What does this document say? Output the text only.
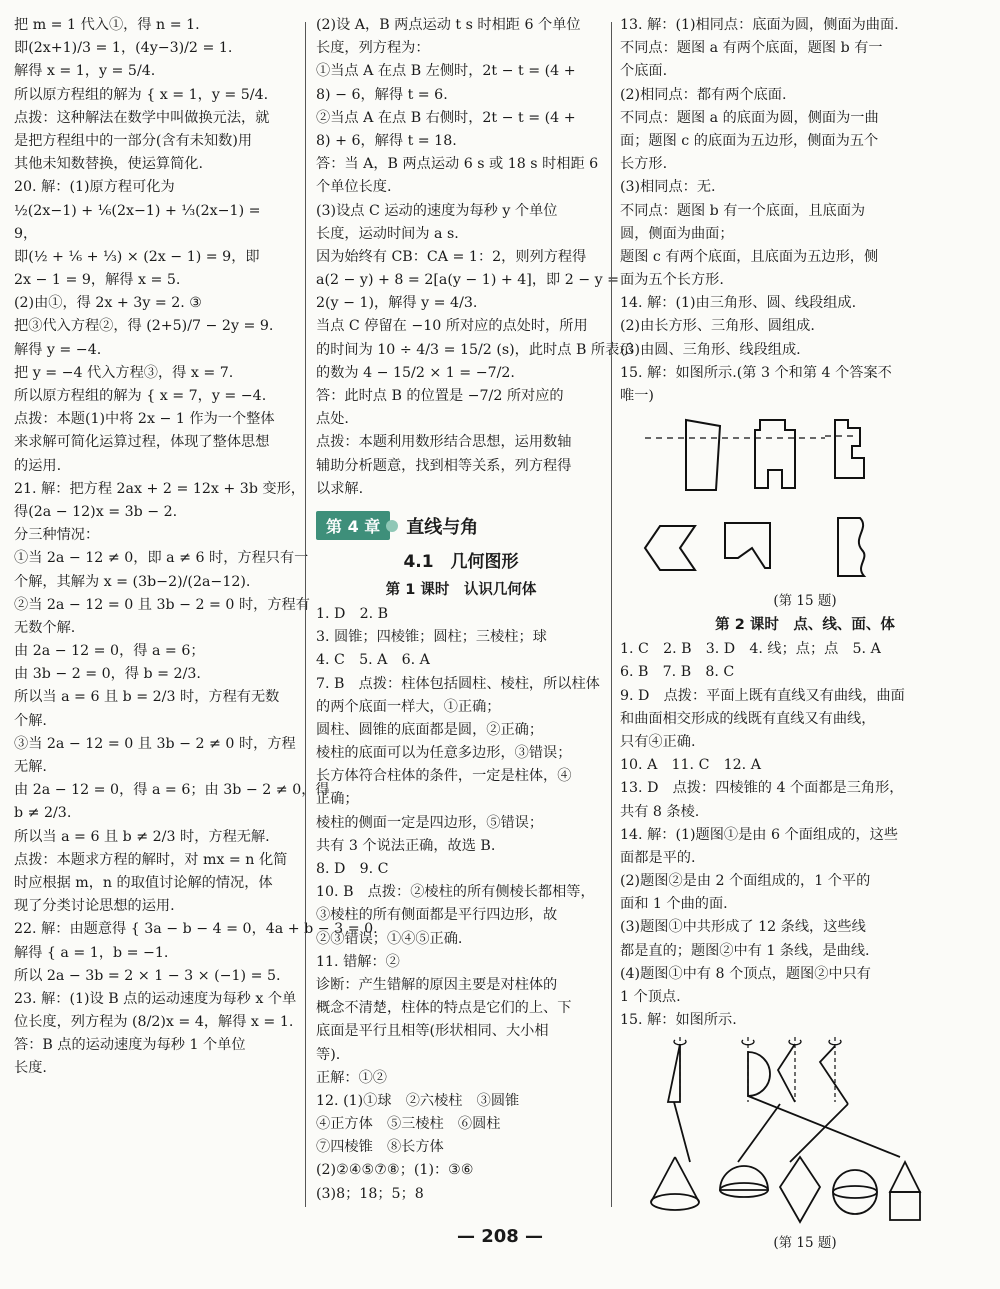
把 m = 1 代入①，得 n = 1.
即(2x+1)/3 = 1，(4y−3)/2 = 1.
解得 x = 1，y = 5/4.
所以原方程组的解为 { x = 1，y = 5/4.
点拨：这种解法在数学中叫做换元法，就
是把方程组中的一部分(含有未知数)用
其他未知数替换，使运算简化.
20. 解：(1)原方程可化为
½(2x−1) + ⅙(2x−1) + ⅓(2x−1) =
9，
即(½ + ⅙ + ⅓) × (2x − 1) = 9，即
2x − 1 = 9，解得 x = 5.
(2)由①，得 2x + 3y = 2. ③
把③代入方程②，得 (2+5)/7 − 2y = 9.
解得 y = −4.
把 y = −4 代入方程③，得 x = 7.
所以原方程组的解为 { x = 7，y = −4.
点拨：本题(1)中将 2x − 1 作为一个整体
来求解可简化运算过程，体现了整体思想
的运用.
21. 解：把方程 2ax + 2 = 12x + 3b 变形，
得(2a − 12)x = 3b − 2.
分三种情况：
①当 2a − 12 ≠ 0，即 a ≠ 6 时，方程只有一
个解，其解为 x = (3b−2)/(2a−12).
②当 2a − 12 = 0 且 3b − 2 = 0 时，方程有
无数个解.
由 2a − 12 = 0，得 a = 6；
由 3b − 2 = 0，得 b = 2/3.
所以当 a = 6 且 b = 2/3 时，方程有无数
个解.
③当 2a − 12 = 0 且 3b − 2 ≠ 0 时，方程
无解.
由 2a − 12 = 0，得 a = 6；由 3b − 2 ≠ 0，得
b ≠ 2/3.
所以当 a = 6 且 b ≠ 2/3 时，方程无解.
点拨：本题求方程的解时，对 mx = n 化简
时应根据 m，n 的取值讨论解的情况，体
现了分类讨论思想的运用.
22. 解：由题意得 { 3a − b − 4 = 0，4a + b − 3 = 0.
解得 { a = 1，b = −1.
所以 2a − 3b = 2 × 1 − 3 × (−1) = 5.
23. 解：(1)设 B 点的运动速度为每秒 x 个单
位长度，列方程为 (8/2)x = 4，解得 x = 1.
答：B 点的运动速度为每秒 1 个单位
长度.
(2)设 A，B 两点运动 t s 时相距 6 个单位
长度，列方程为：
①当点 A 在点 B 左侧时，2t − t = (4 +
8) − 6，解得 t = 6.
②当点 A 在点 B 右侧时，2t − t = (4 +
8) + 6，解得 t = 18.
答：当 A，B 两点运动 6 s 或 18 s 时相距 6
个单位长度.
(3)设点 C 运动的速度为每秒 y 个单位
长度，运动时间为 a s.
因为始终有 CB：CA = 1：2，则列方程得
a(2 − y) + 8 = 2[a(y − 1) + 4]，即 2 − y =
2(y − 1)，解得 y = 4/3.
当点 C 停留在 −10 所对应的点处时，所用
的时间为 10 ÷ 4/3 = 15/2 (s)，此时点 B 所表示
的数为 4 − 15/2 × 1 = −7/2.
答：此时点 B 的位置是 −7/2 所对应的
点处.
点拨：本题利用数形结合思想，运用数轴
辅助分析题意，找到相等关系，列方程得
以求解.
第 4 章	直线与角
4.1　几何图形
第 1 课时　认识几何体
1. D　2. B
3. 圆锥；四棱锥；圆柱；三棱柱；球
4. C　5. A　6. A
7. B　点拨：柱体包括圆柱、棱柱，所以柱体
的两个底面一样大，①正确；
圆柱、圆锥的底面都是圆，②正确；
棱柱的底面可以为任意多边形，③错误；
长方体符合柱体的条件，一定是柱体，④
正确；
棱柱的侧面一定是四边形，⑤错误；
共有 3 个说法正确，故选 B.
8. D　9. C
10. B　点拨：②棱柱的所有侧棱长都相等，
③棱柱的所有侧面都是平行四边形，故
②③错误；①④⑤正确.
11. 错解：②
诊断：产生错解的原因主要是对柱体的
概念不清楚，柱体的特点是它们的上、下
底面是平行且相等(形状相同、大小相
等).
正解：①②
12. (1)①球　②六棱柱　③圆锥
④正方体　⑤三棱柱　⑥圆柱
⑦四棱锥　⑧长方体
(2)②④⑤⑦⑧；(1)：③⑥
(3)8；18；5；8
13. 解：(1)相同点：底面为圆，侧面为曲面.
不同点：题图 a 有两个底面，题图 b 有一
个底面.
(2)相同点：都有两个底面.
不同点：题图 a 的底面为圆，侧面为一曲
面；题图 c 的底面为五边形，侧面为五个
长方形.
(3)相同点：无.
不同点：题图 b 有一个底面，且底面为
圆，侧面为曲面；
题图 c 有两个底面，且底面为五边形，侧
面为五个长方形.
14. 解：(1)由三角形、圆、线段组成.
(2)由长方形、三角形、圆组成.
(3)由圆、三角形、线段组成.
15. 解：如图所示.(第 3 个和第 4 个答案不
唯一)
(第 15 题)
第 2 课时　点、线、面、体
1. C　2. B　3. D　4. 线；点；点　5. A
6. B　7. B　8. C
9. D　点拨：平面上既有直线又有曲线，曲面
和曲面相交形成的线既有直线又有曲线，
只有④正确.
10. A　11. C　12. A
13. D　点拨：四棱锥的 4 个面都是三角形，
共有 8 条棱.
14. 解：(1)题图①是由 6 个面组成的，这些
面都是平的.
(2)题图②是由 2 个面组成的，1 个平的
面和 1 个曲的面.
(3)题图①中共形成了 12 条线，这些线
都是直的；题图②中有 1 条线，是曲线.
(4)题图①中有 8 个顶点，题图②中只有
1 个顶点.
15. 解：如图所示.
(第 15 题)
— 208 —
